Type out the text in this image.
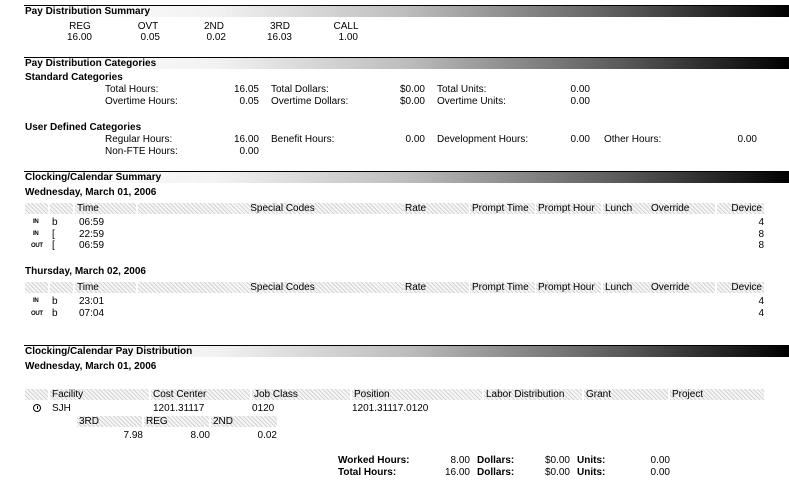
Pay Distribution Summary
REG	OVT	2ND	3RD	CALL
16.00	0.05	0.02	16.03	1.00
Pay Distribution Categories
Standard Categories
Total Hours:	16.05 Total Dollars:	$0.00 Total Units:	0.00
Overtime Hours:	0.05 Overtime Dollars:	$0.00 Overtime Units:	0.00
User Defined Categories
Regular Hours:	16.00 Benefit Hours:	0.00 Development Hours:	0.00 Other Hours:	0.00
Non-FTE Hours:	0.00
Clocking/Calendar Summary
Wednesday, March 01, 2006
Time	Special Codes	Rate	Prompt Time Prompt Hour	Lunch	Override	Device
IN b 06:59	4
IN [ 22:59	8
OUT [ 06:59	8
Thursday, March 02, 2006
Time	Special Codes	Rate	Prompt Time Prompt Hour	Lunch	Override	Device
IN b 23:01	4
OUT b 07:04	4
Clocking/Calendar Pay Distribution
Wednesday, March 01, 2006
Facility	Cost Center	Job Class	Position	Labor Distribution	Grant	Project
SJH	1201.31117	0120	1201.31117.0120
3RD	REG	2ND
7.98	8.00	0.02
Worked Hours:	8.00 Dollars:	$0.00 Units:	0.00
Total Hours:	16.00 Dollars:	$0.00 Units:	0.00
